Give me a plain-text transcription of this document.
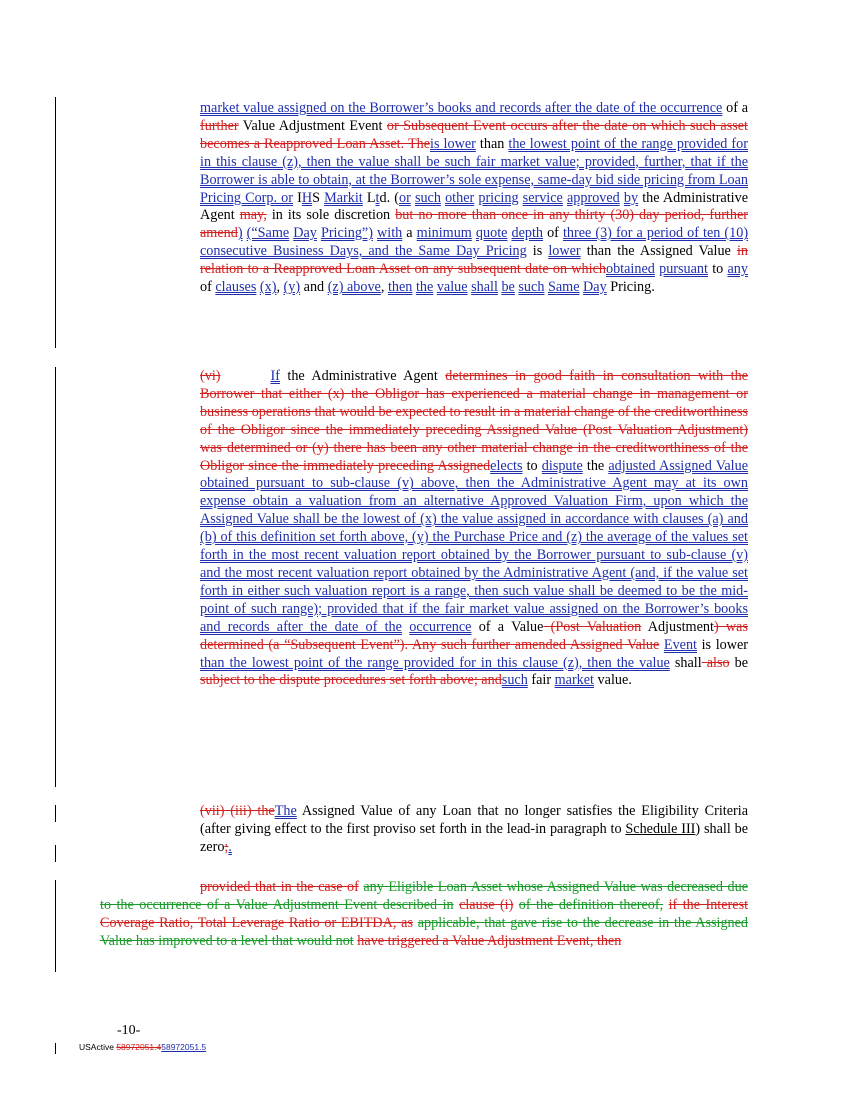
market value assigned on the Borrower’s books and records after the date of the occurrence of a further Value Adjustment Event or Subsequent Event occurs after the date on which such asset becomes a Reapproved Loan Asset. Theis lower than the lowest point of the range provided for in this clause (z), then the value shall be such fair market value; provided, further, that if the Borrower is able to obtain, at the Borrower’s sole expense, same-day bid side pricing from Loan Pricing Corp. or IHS Markit Ltd. (or such other pricing service approved by the Administrative Agent may, in its sole discretion but no more than once in any thirty (30) day period, further amend) (“Same Day Pricing”) with a minimum quote depth of three (3) for a period of ten (10) consecutive Business Days, and the Same Day Pricing is lower than the Assigned Value in relation to a Reapproved Loan Asset on any subsequent date on whichobtained pursuant to any of clauses (x), (y) and (z) above, then the value shall be such Same Day Pricing.
(vi)	If the Administrative Agent determines in good faith in consultation with the Borrower that either (x) the Obligor has experienced a material change in management or business operations that would be expected to result in a material change of the creditworthiness of the Obligor since the immediately preceding Assigned Value (Post Valuation Adjustment) was determined or (y) there has been any other material change in the creditworthiness of the Obligor since the immediately preceding Assignedelects to dispute the adjusted Assigned Value obtained pursuant to sub-clause (v) above, then the Administrative Agent may at its own expense obtain a valuation from an alternative Approved Valuation Firm, upon which the Assigned Value shall be the lowest of (x) the value assigned in accordance with clauses (a) and (b) of this definition set forth above, (y) the Purchase Price and (z) the average of the values set forth in the most recent valuation report obtained by the Borrower pursuant to sub-clause (v) and the most recent valuation report obtained by the Administrative Agent (and, if the value set forth in either such valuation report is a range, then such value shall be deemed to be the mid-point of such range); provided that if the fair market value assigned on the Borrower’s books and records after the date of the occurrence of a Value (Post Valuation Adjustment) was determined (a “Subsequent Event”). Any such further amended Assigned Value Event is lower than the lowest point of the range provided for in this clause (z), then the value shall also be subject to the dispute procedures set forth above; andsuch fair market value.
(vii) (iii) theThe Assigned Value of any Loan that no longer satisfies the Eligibility Criteria (after giving effect to the first proviso set forth in the lead-in paragraph to Schedule III) shall be zero;.
provided that in the case of any Eligible Loan Asset whose Assigned Value was decreased due to the occurrence of a Value Adjustment Event described in clause (i) of the definition thereof, if the Interest Coverage Ratio, Total Leverage Ratio or EBITDA, as applicable, that gave rise to the decrease in the Assigned Value has improved to a level that would not have triggered a Value Adjustment Event, then
-10-
USActive 58972051.458972051.5
